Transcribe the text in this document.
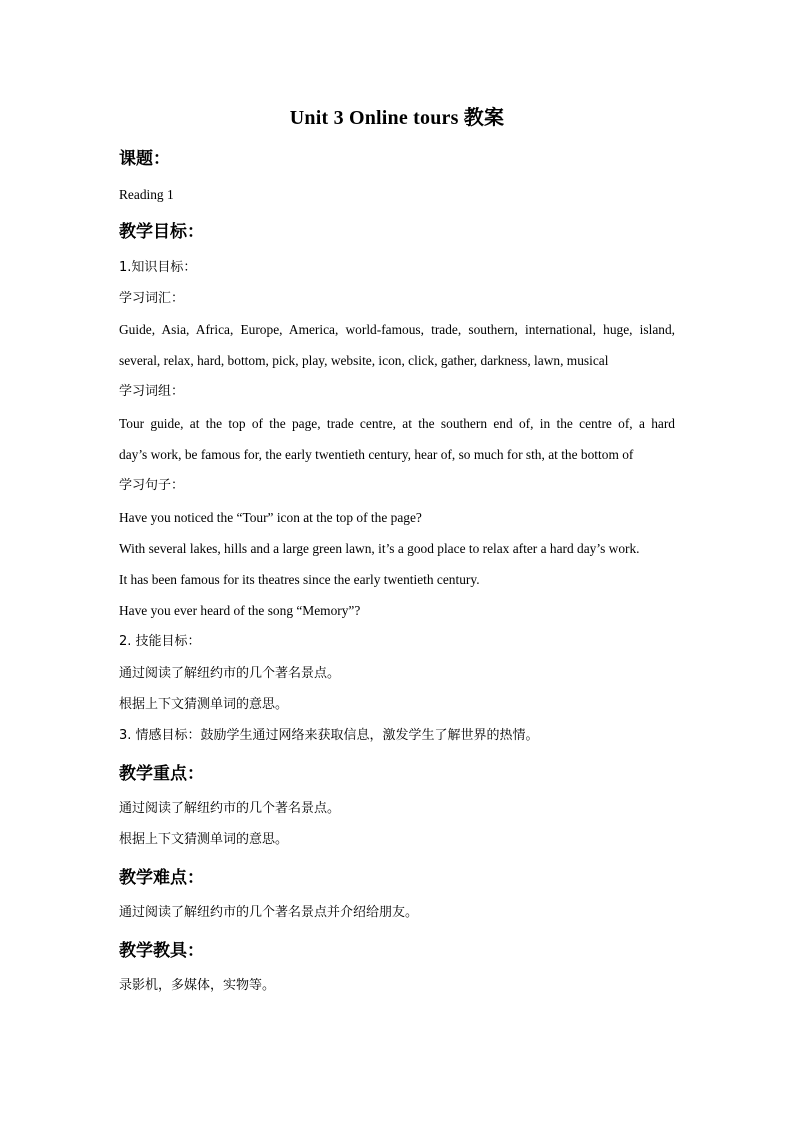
Unit 3 Online tours 教案
课题：
Reading 1
教学目标：
1.知识目标：
学习词汇：
Guide, Asia, Africa, Europe, America, world-famous, trade, southern, international, huge, island,
several, relax, hard, bottom, pick, play, website, icon, click, gather, darkness, lawn, musical
学习词组：
Tour guide, at the top of the page, trade centre, at the southern end of, in the centre of, a hard
day’s work, be famous for, the early twentieth century, hear of, so much for sth, at the bottom of
学习句子：
Have you noticed the “Tour” icon at the top of the page?
With several lakes, hills and a large green lawn, it’s a good place to relax after a hard day’s work.
It has been famous for its theatres since the early twentieth century.
Have you ever heard of the song “Memory”?
2. 技能目标：
通过阅读了解纽约市的几个著名景点。
根据上下文猜测单词的意思。
3. 情感目标：鼓励学生通过网络来获取信息，激发学生了解世界的热情。
教学重点：
通过阅读了解纽约市的几个著名景点。
根据上下文猜测单词的意思。
教学难点：
通过阅读了解纽约市的几个著名景点并介绍给朋友。
教学教具：
录影机，多媒体，实物等。
